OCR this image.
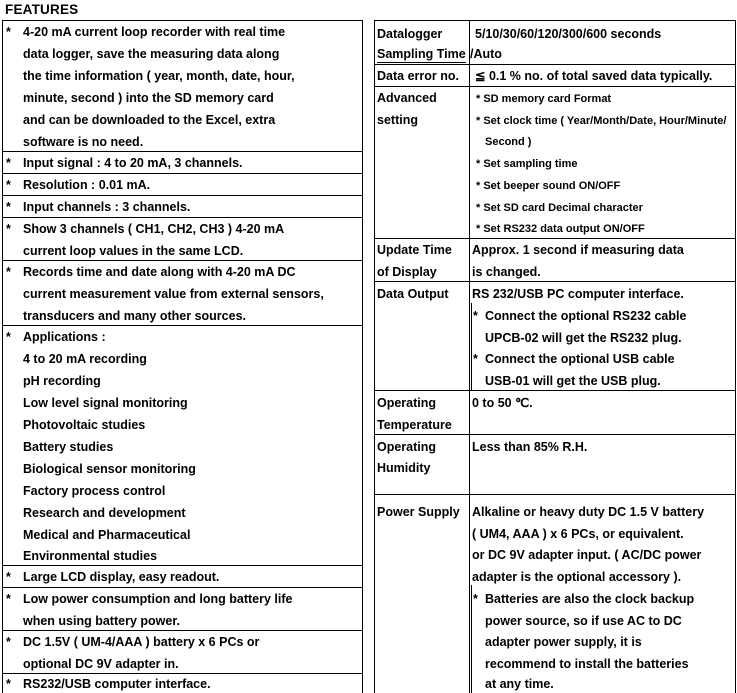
FEATURES
* 4-20 mA current loop recorder with real time
data logger, save the measuring data along
the time information ( year, month, date, hour,
minute, second ) into the SD memory card
and can be downloaded to the Excel, extra
software is no need.
* Input signal : 4 to 20 mA, 3 channels.
* Resolution : 0.01 mA.
* Input channels : 3 channels.
* Show 3 channels ( CH1, CH2, CH3 ) 4-20 mA
current loop values in the same LCD.
* Records time and date along with 4-20 mA DC
current measurement value from external sensors,
transducers and many other sources.
* Applications :
4 to 20 mA recording
pH recording
Low level signal monitoring
Photovoltaic studies
Battery studies
Biological sensor monitoring
Factory process control
Research and development
Medical and Pharmaceutical
Environmental studies
* Large LCD display, easy readout.
* Low power consumption and long battery life
when using battery power.
* DC 1.5V ( UM-4/AAA ) battery x 6 PCs or
optional DC 9V adapter in.
* RS232/USB computer interface.
Datalogger
Sampling Time
5/10/30/60/120/300/600 seconds
/Auto
Data error no. ≦ 0.1 % no. of total saved data typically.
Advanced
setting
* SD memory card Format
* Set clock time ( Year/Month/Date, Hour/Minute/
Second )
* Set sampling time
* Set beeper sound ON/OFF
* Set SD card Decimal character
* Set RS232 data output ON/OFF
Update Time
of Display
Approx. 1 second if measuring data
is changed.
Data Output RS 232/USB PC computer interface.
* Connect the optional RS232 cable
UPCB-02 will get the RS232 plug.
* Connect the optional USB cable
USB-01 will get the USB plug.
Operating
Temperature
0 to 50 ℃.
Operating
Humidity
Less than 85% R.H.
Power Supply Alkaline or heavy duty DC 1.5 V battery
( UM4, AAA ) x 6 PCs, or equivalent.
or DC 9V adapter input. ( AC/DC power
adapter is the optional accessory ).
* Batteries are also the clock backup
power source, so if use AC to DC
adapter power supply, it is
recommend to install the batteries
at any time.
